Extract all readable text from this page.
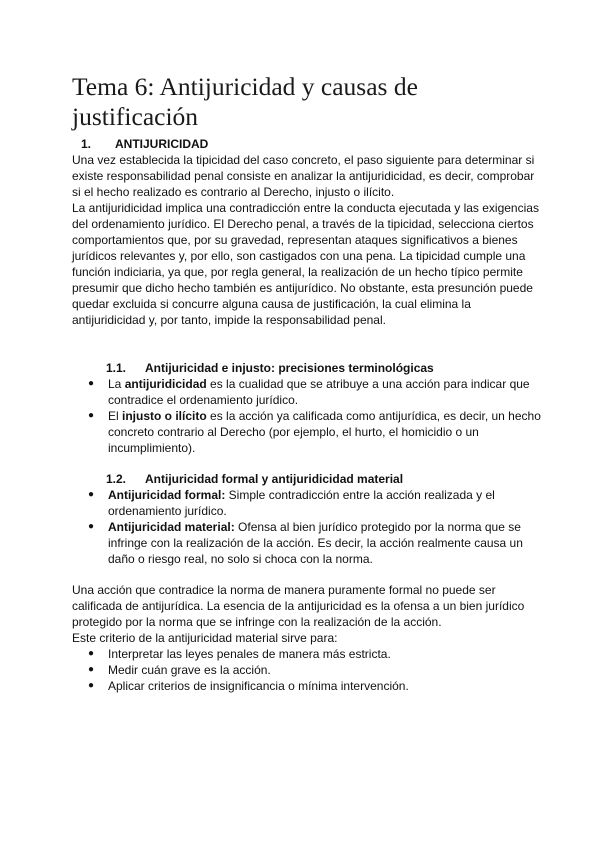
Tema 6: Antijuricidad y causas de justificación
1. ANTIJURICIDAD

Una vez establecida la tipicidad del caso concreto, el paso siguiente para determinar si existe responsabilidad penal consiste en analizar la antijuridicidad, es decir, comprobar si el hecho realizado es contrario al Derecho, injusto o ilícito.

La antijuridicidad implica una contradicción entre la conducta ejecutada y las exigencias del ordenamiento jurídico. El Derecho penal, a través de la tipicidad, selecciona ciertos comportamientos que, por su gravedad, representan ataques significativos a bienes jurídicos relevantes y, por ello, son castigados con una pena. La tipicidad cumple una función indiciaria, ya que, por regla general, la realización de un hecho típico permite presumir que dicho hecho también es antijurídico. No obstante, esta presunción puede quedar excluida si concurre alguna causa de justificación, la cual elimina la antijuridicidad y, por tanto, impide la responsabilidad penal.

1.1. Antijuricidad e injusto: precisiones terminológicas
● La antijuridicidad es la cualidad que se atribuye a una acción para indicar que contradice el ordenamiento jurídico.
● El injusto o ilícito es la acción ya calificada como antijurídica, es decir, un hecho concreto contrario al Derecho (por ejemplo, el hurto, el homicidio o un incumplimiento).
1.2. Antijuricidad formal y antijuridicidad material
● Antijuricidad formal: Simple contradicción entre la acción realizada y el ordenamiento jurídico.
● Antijuricidad material: Ofensa al bien jurídico protegido por la norma que se infringe con la realización de la acción. Es decir, la acción realmente causa un daño o riesgo real, no solo si choca con la norma.

Una acción que contradice la norma de manera puramente formal no puede ser calificada de antijurídica. La esencia de la antijuricidad es la ofensa a un bien jurídico protegido por la norma que se infringe con la realización de la acción.

Este criterio de la antijuricidad material sirve para:

● Interpretar las leyes penales de manera más estricta.
● Medir cuán grave es la acción.
● Aplicar criterios de insignificancia o mínima intervención.
